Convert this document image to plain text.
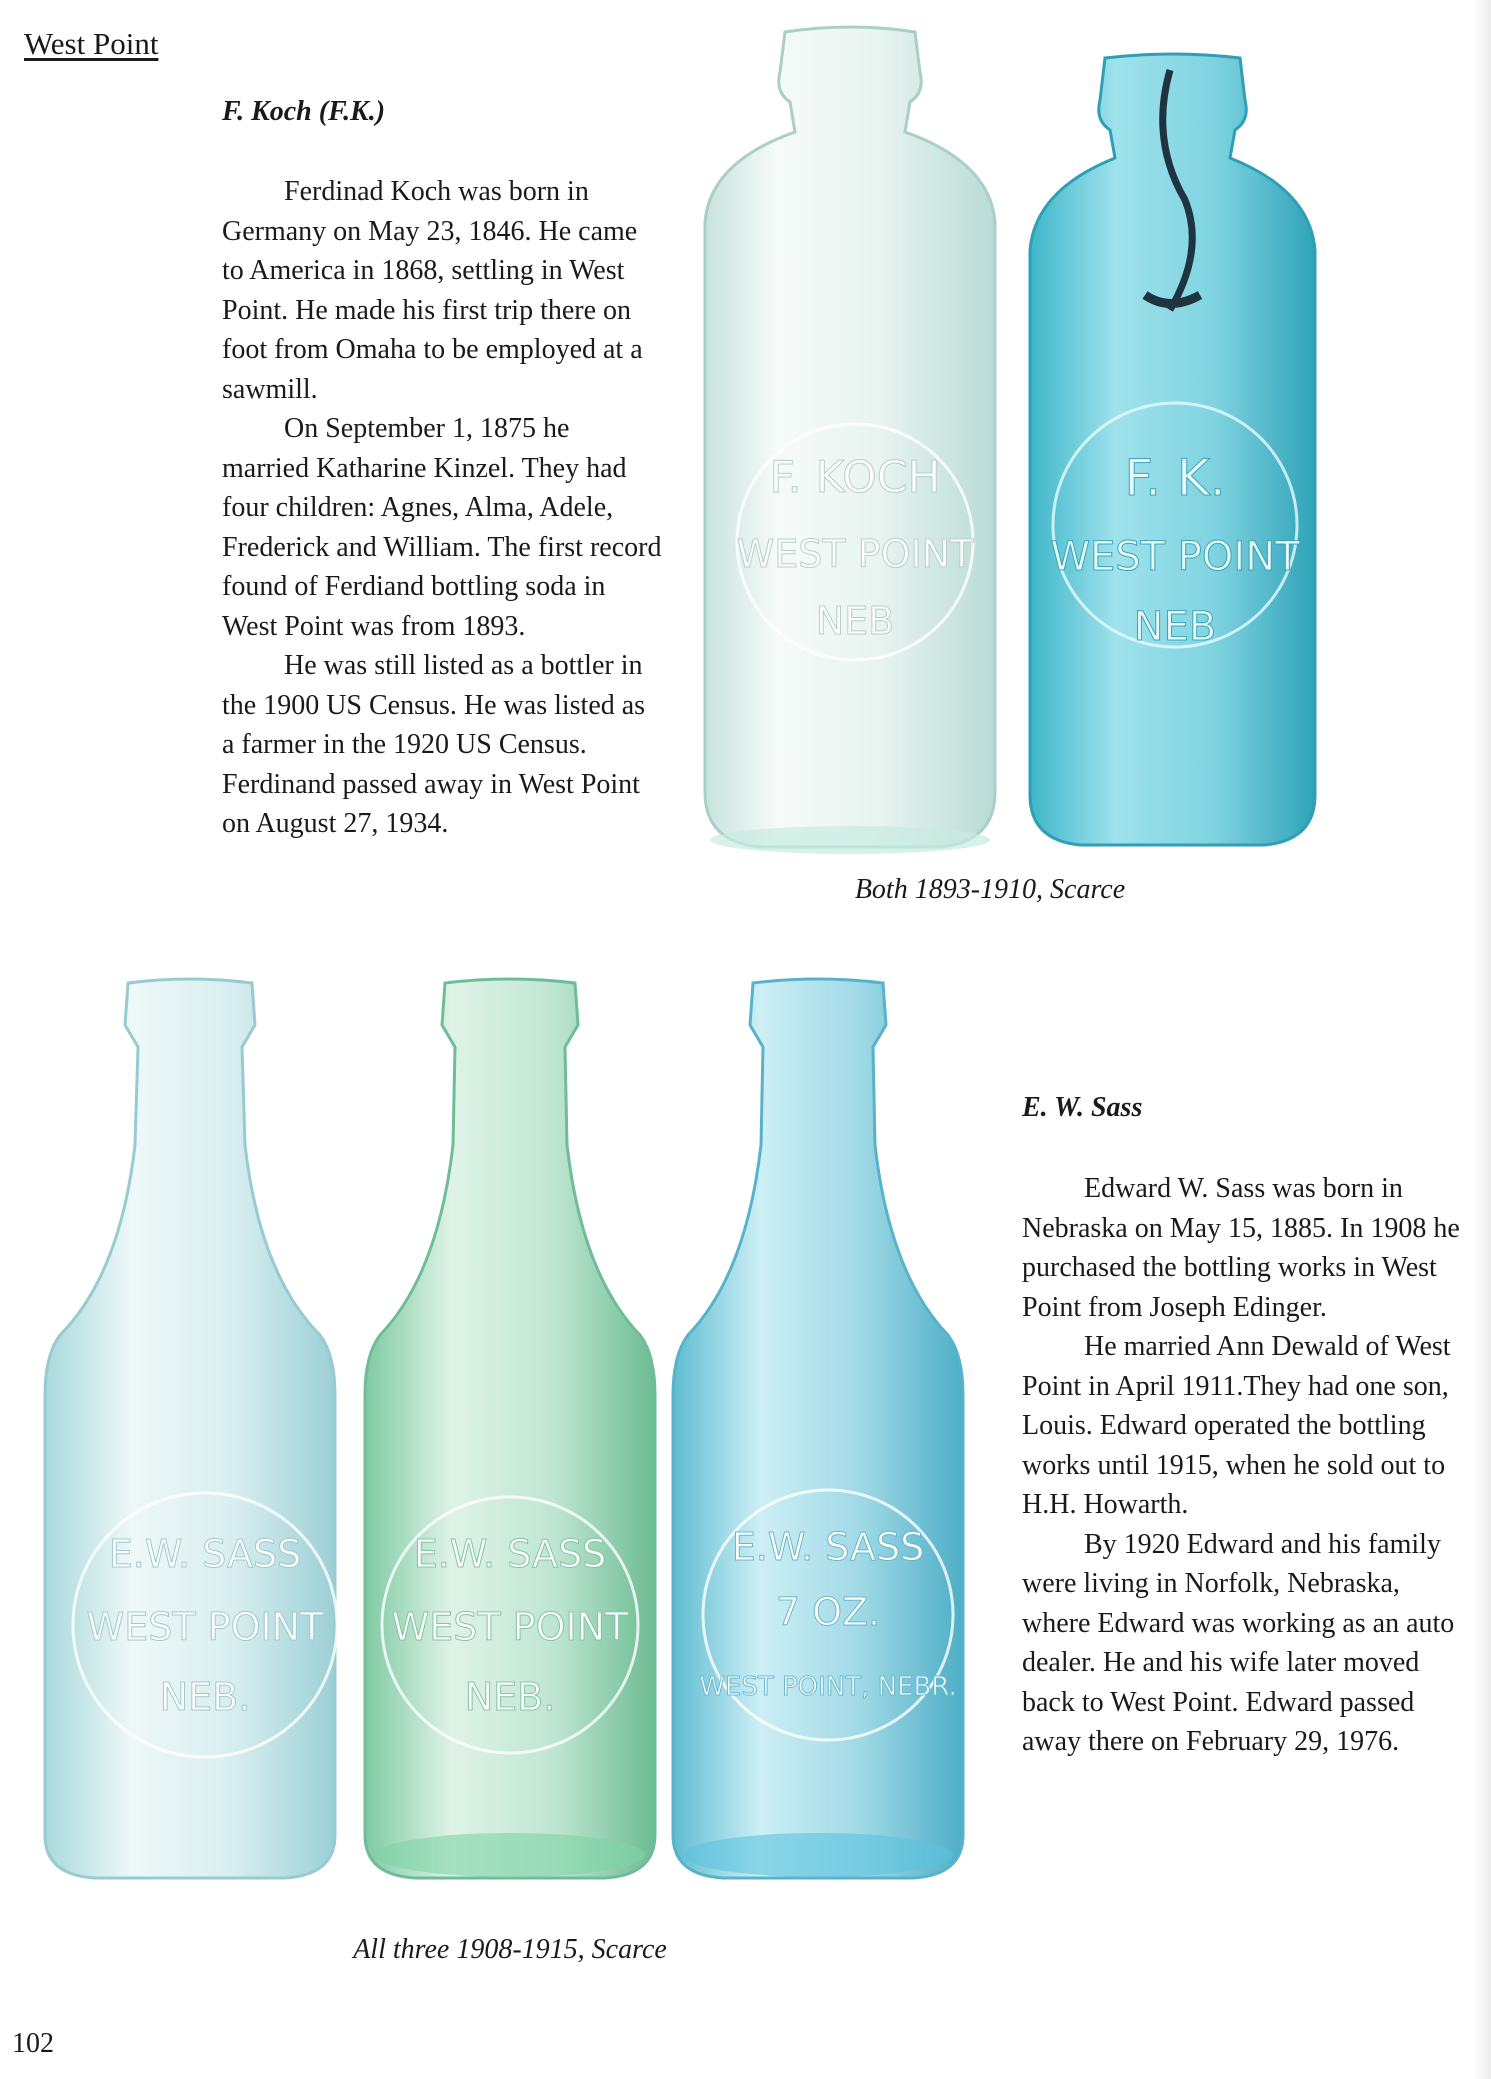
West Point
F. Koch (F.K.)

Ferdinad Koch was born in Germany on May 23, 1846. He came to America in 1868, settling in West Point. He made his first trip there on foot from Omaha to be employed at a sawmill.

On September 1, 1875 he married Katharine Kinzel. They had four children: Agnes, Alma, Adele, Frederick and William. The first record found of Ferdiand bottling soda in West Point was from 1893.

He was still listed as a bottler in the 1900 US Census. He was listed as a farmer in the 1920 US Census. Ferdinand passed away in West Point on August 27, 1934.

F. KOCH
WEST POINT
NEB
F. K.
WEST POINT
NEB
Both 1893-1910, Scarce
E.W. SASS
WEST POINT
NEB.
E.W. SASS
WEST POINT
NEB.
E.W. SASS
7 OZ.
WEST POINT, NEBR.
All three 1908-1915, Scarce
E. W. Sass

Edward W. Sass was born in Nebraska on May 15, 1885. In 1908 he purchased the bottling works in West Point from Joseph Edinger.

He married Ann Dewald of West Point in April 1911.They had one son, Louis. Edward operated the bottling works until 1915, when he sold out to H.H. Howarth.

By 1920 Edward and his family were living in Norfolk, Nebraska, where Edward was working as an auto dealer. He and his wife later moved back to West Point. Edward passed away there on February 29, 1976.

102
